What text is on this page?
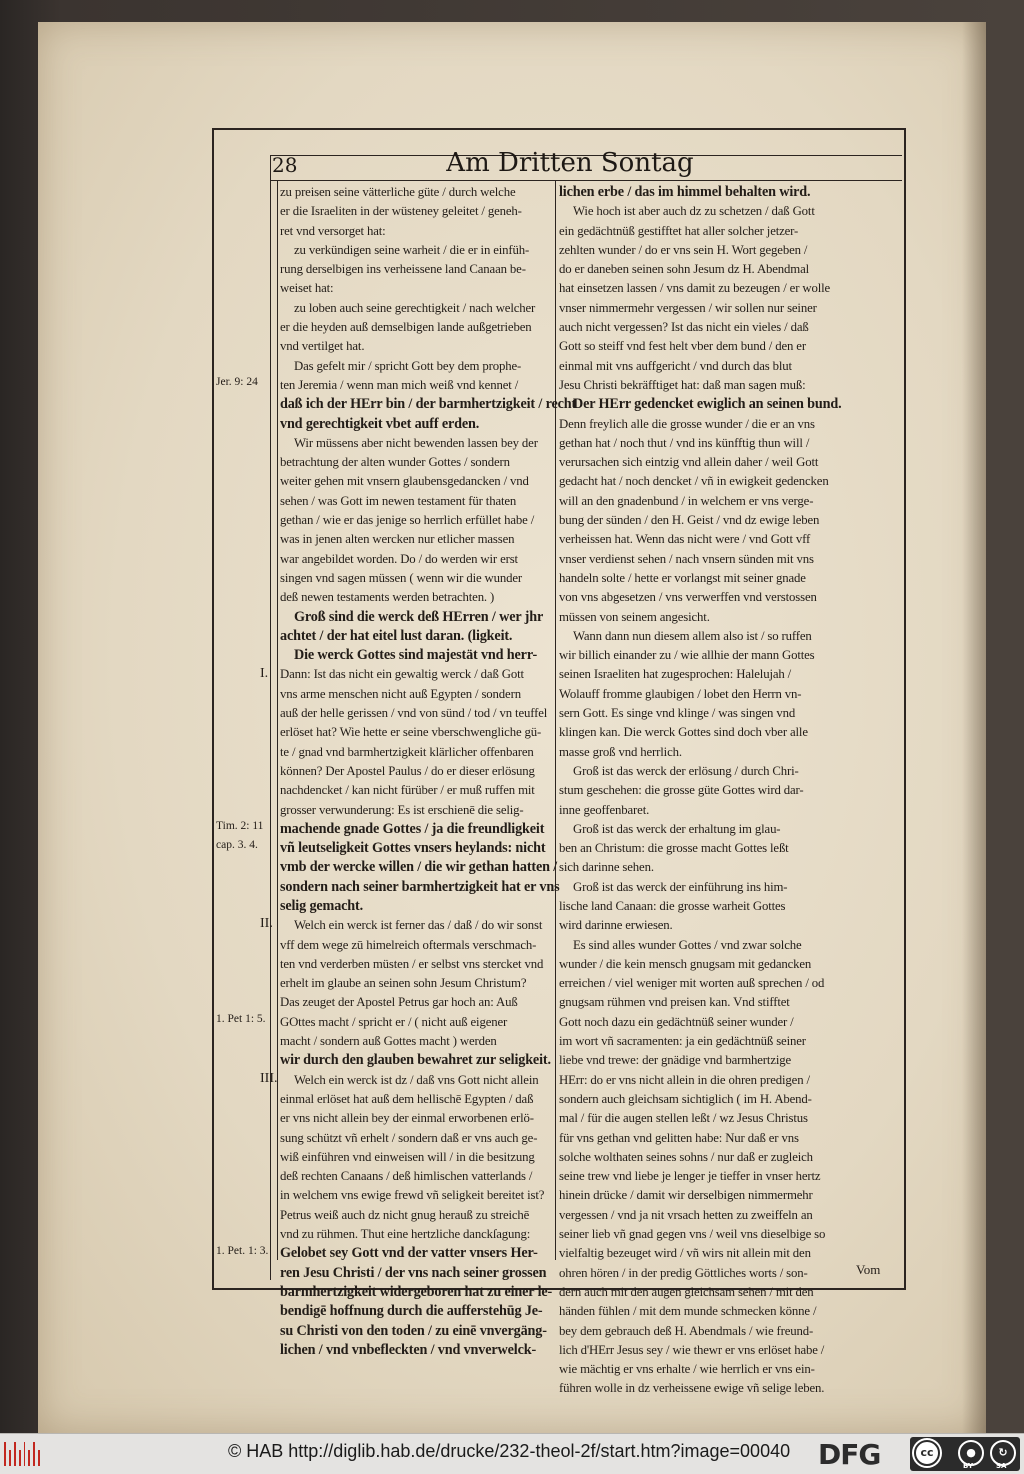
28	Am Dritten Sontag

zu preisen seine vätterliche güte / durch welche

er die Israeliten in der wüsteney geleitet / geneh-

ret vnd versorget hat:

zu verkündigen seine warheit / die er in einfüh-

rung derselbigen ins verheissene land Canaan be-

weiset hat:

zu loben auch seine gerechtigkeit / nach welcher

er die heyden auß demselbigen lande außgetrieben

vnd vertilget hat.

Das gefelt mir / spricht Gott bey dem prophe-

ten Jeremia / wenn man mich weiß vnd kennet /

daß ich der HErr bin / der barmhertzigkeit / recht

vnd gerechtigkeit vbet auff erden.

Wir müssens aber nicht bewenden lassen bey der

betrachtung der alten wunder Gottes / sondern

weiter gehen mit vnsern glaubensgedancken / vnd

sehen / was Gott im newen testament für thaten

gethan / wie er das jenige so herrlich erfüllet habe /

was in jenen alten wercken nur etlicher massen

war angebildet worden. Do / do werden wir erst

singen vnd sagen müssen ( wenn wir die wunder

deß newen testaments werden betrachten. )

Groß sind die werck deß HErren / wer jhr

achtet / der hat eitel lust daran. (ligkeit.

Die werck Gottes sind majestät vnd herr-

Dann: Ist das nicht ein gewaltig werck / daß Gott

vns arme menschen nicht auß Egypten / sondern

auß der helle gerissen / vnd von sünd / tod / vn teuffel

erlöset hat? Wie hette er seine vberschwengliche gü-

te / gnad vnd barmhertzigkeit klärlicher offenbaren

können? Der Apostel Paulus / do er dieser erlösung

nachdencket / kan nicht fürüber / er muß ruffen mit

grosser verwunderung: Es ist erschienē die selig-

machende gnade Gottes / ja die freundligkeit

vñ leutseligkeit Gottes vnsers heylands: nicht

vmb der wercke willen / die wir gethan hatten /

sondern nach seiner barmhertzigkeit hat er vns

selig gemacht.

Welch ein werck ist ferner das / daß / do wir sonst

vff dem wege zū himelreich oftermals verschmach-

ten vnd verderben müsten / er selbst vns stercket vnd

erhelt im glaube an seinen sohn Jesum Christum?

Das zeuget der Apostel Petrus gar hoch an: Auß

GOttes macht / spricht er / ( nicht auß eigener

macht / sondern auß Gottes macht ) werden

wir durch den glauben bewahret zur seligkeit.

Welch ein werck ist dz / daß vns Gott nicht allein

einmal erlöset hat auß dem hellischē Egypten / daß

er vns nicht allein bey der einmal erworbenen erlö-

sung schützt vñ erhelt / sondern daß er vns auch ge-

wiß einführen vnd einweisen will / in die besitzung

deß rechten Canaans / deß himlischen vatterlands /

in welchem vns ewige frewd vñ seligkeit bereitet ist?

Petrus weiß auch dz nicht gnug herauß zu streichē

vnd zu rühmen. Thut eine hertzliche danckſagung:

Gelobet sey Gott vnd der vatter vnsers Her-

ren Jesu Christi / der vns nach seiner grossen

barmhertzigkeit widergeboren hat zu einer le-

bendigē hoffnung durch die aufferstehūg Je-

su Christi von den toden / zu einē vnvergäng-

lichen / vnd vnbefleckten / vnd vnverwelck-

lichen erbe / das im himmel behalten wird.

Wie hoch ist aber auch dz zu schetzen / daß Gott

ein gedächtnüß gestifftet hat aller solcher jetzer-

zehlten wunder / do er vns sein H. Wort gegeben /

do er daneben seinen sohn Jesum dz H. Abendmal

hat einsetzen lassen / vns damit zu bezeugen / er wolle

vnser nimmermehr vergessen / wir sollen nur seiner

auch nicht vergessen? Ist das nicht ein vieles / daß

Gott so steiff vnd fest helt vber dem bund / den er

einmal mit vns auffgericht / vnd durch das blut

Jesu Christi bekräfftiget hat: daß man sagen muß:

Der HErr gedencket ewiglich an seinen bund.

Denn freylich alle die grosse wunder / die er an vns

gethan hat / noch thut / vnd ins künfftig thun will /

verursachen sich eintzig vnd allein daher / weil Gott

gedacht hat / noch dencket / vñ in ewigkeit gedencken

will an den gnadenbund / in welchem er vns verge-

bung der sünden / den H. Geist / vnd dz ewige leben

verheissen hat. Wenn das nicht were / vnd Gott vff

vnser verdienst sehen / nach vnsern sünden mit vns

handeln solte / hette er vorlangst mit seiner gnade

von vns abgesetzen / vns verwerffen vnd verstossen

müssen von seinem angesicht.

Wann dann nun diesem allem also ist / so ruffen

wir billich einander zu / wie allhie der mann Gottes

seinen Israeliten hat zugesprochen: Halelujah /

Wolauff fromme glaubigen / lobet den Herrn vn-

sern Gott. Es singe vnd klinge / was singen vnd

klingen kan. Die werck Gottes sind doch vber alle

masse groß vnd herrlich.

Groß ist das werck der erlösung / durch Chri-

stum geschehen: die grosse güte Gottes wird dar-

inne geoffenbaret.

Groß ist das werck der erhaltung im glau-

ben an Christum: die grosse macht Gottes leßt

sich darinne sehen.

Groß ist das werck der einführung ins him-

lische land Canaan: die grosse warheit Gottes

wird darinne erwiesen.

Es sind alles wunder Gottes / vnd zwar solche

wunder / die kein mensch gnugsam mit gedancken

erreichen / viel weniger mit worten auß sprechen / od

gnugsam rühmen vnd preisen kan. Vnd stifftet

Gott noch dazu ein gedächtnüß seiner wunder /

im wort vñ sacramenten: ja ein gedächtnüß seiner

liebe vnd trewe: der gnädige vnd barmhertzige

HErr: do er vns nicht allein in die ohren predigen /

sondern auch gleichsam sichtiglich ( im H. Abend-

mal / für die augen stellen leßt / wz Jesus Christus

für vns gethan vnd gelitten habe: Nur daß er vns

solche wolthaten seines sohns / nur daß er zugleich

seine trew vnd liebe je lenger je tieffer in vnser hertz

hinein drücke / damit wir derselbigen nimmermehr

vergessen / vnd ja nit vrsach hetten zu zweiffeln an

seiner lieb vñ gnad gegen vns / weil vns dieselbige so

vielfaltig bezeuget wird / vñ wirs nit allein mit den

ohren hören / in der predig Göttliches worts / son-

dern auch mit den augen gleichsam sehen / mit den

händen fühlen / mit dem munde schmecken könne /

bey dem gebrauch deß H. Abendmals / wie freund-

lich d'HErr Jesus sey / wie thewr er vns erlöset habe /

wie mächtig er vns erhalte / wie herrlich er vns ein-

führen wolle in dz verheissene ewige vñ selige leben.

Jer. 9: 24
I.
Tim. 2: 11
cap. 3. 4.
II.
1. Pet 1: 5.
III.
1. Pet. 1: 3.
Vom
© HAB http://diglib.hab.de/drucke/232-theol-2f/start.htm?image=00040 DFG	cc	●	↻
BY	SA
